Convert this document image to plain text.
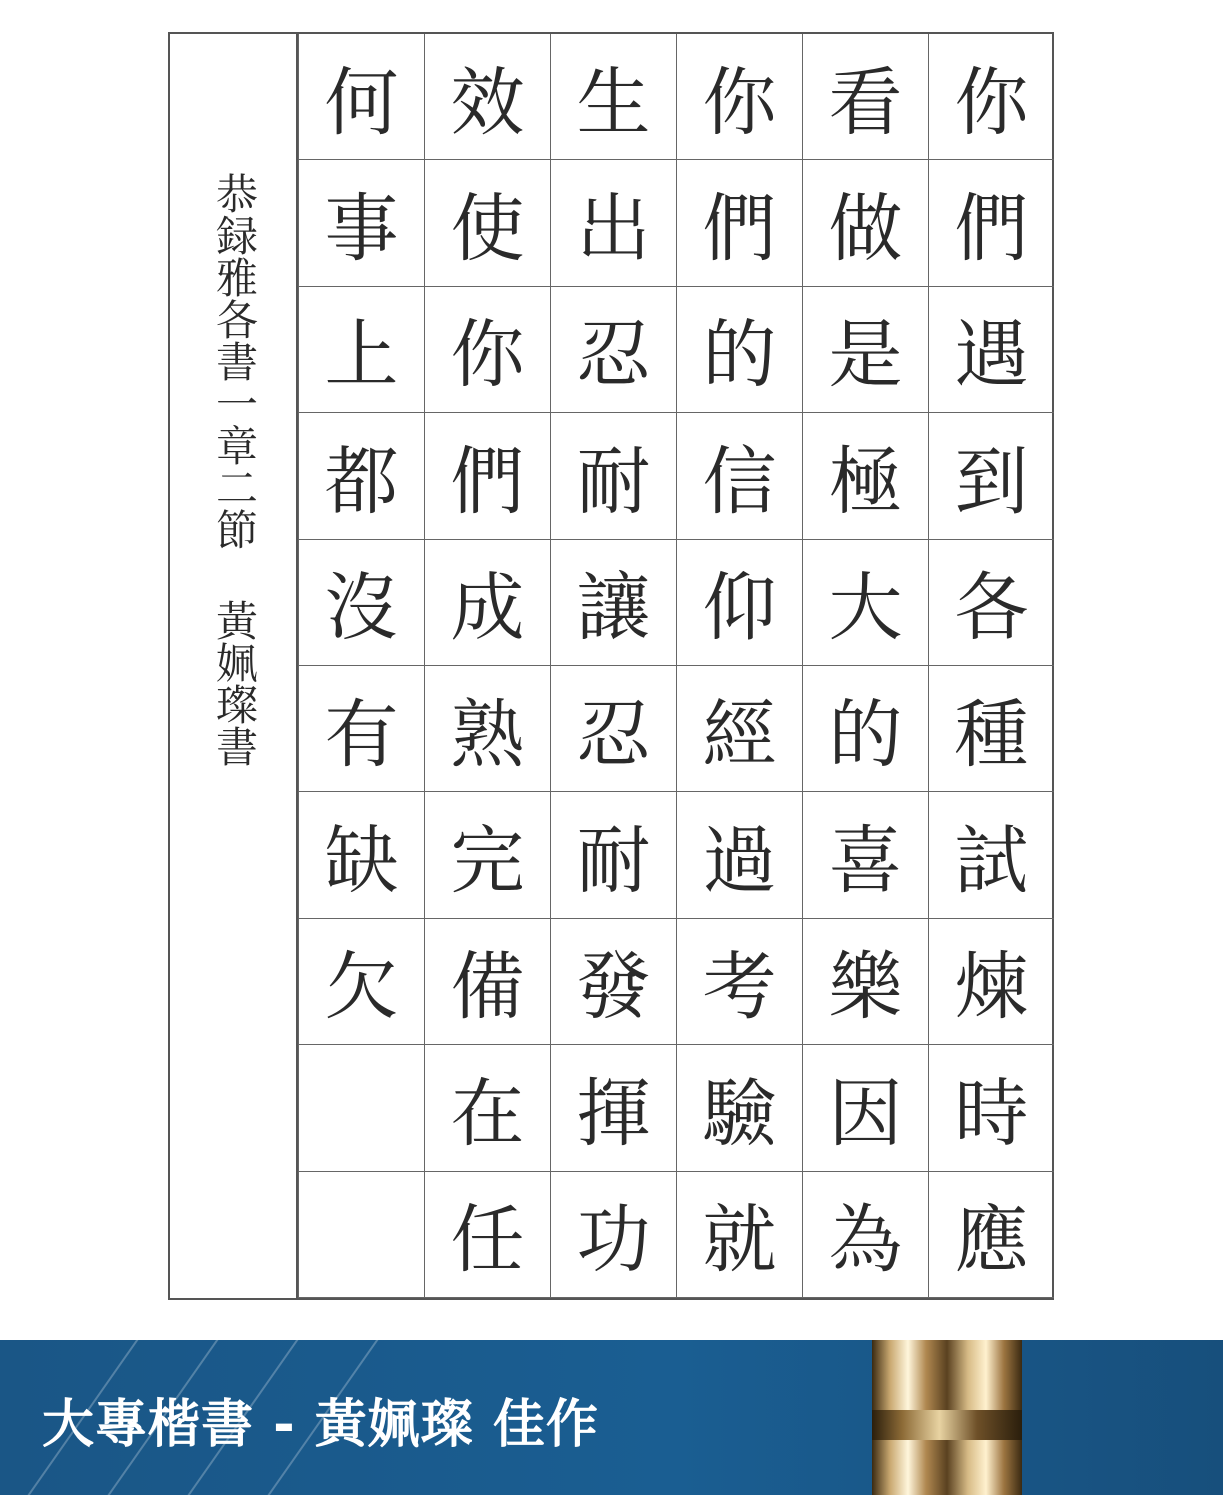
恭録雅各書一章二節 黃姵璨書
你
們
遇
到
各
種
試
煉
時
應
看
做
是
極
大
的
喜
樂
因
為
你
們
的
信
仰
經
過
考
驗
就
生
出
忍
耐
讓
忍
耐
發
揮
功
效
使
你
們
成
熟
完
備
在
任
何
事
上
都
沒
有
缺
欠
大專楷書 - 黃姵璨 佳作
